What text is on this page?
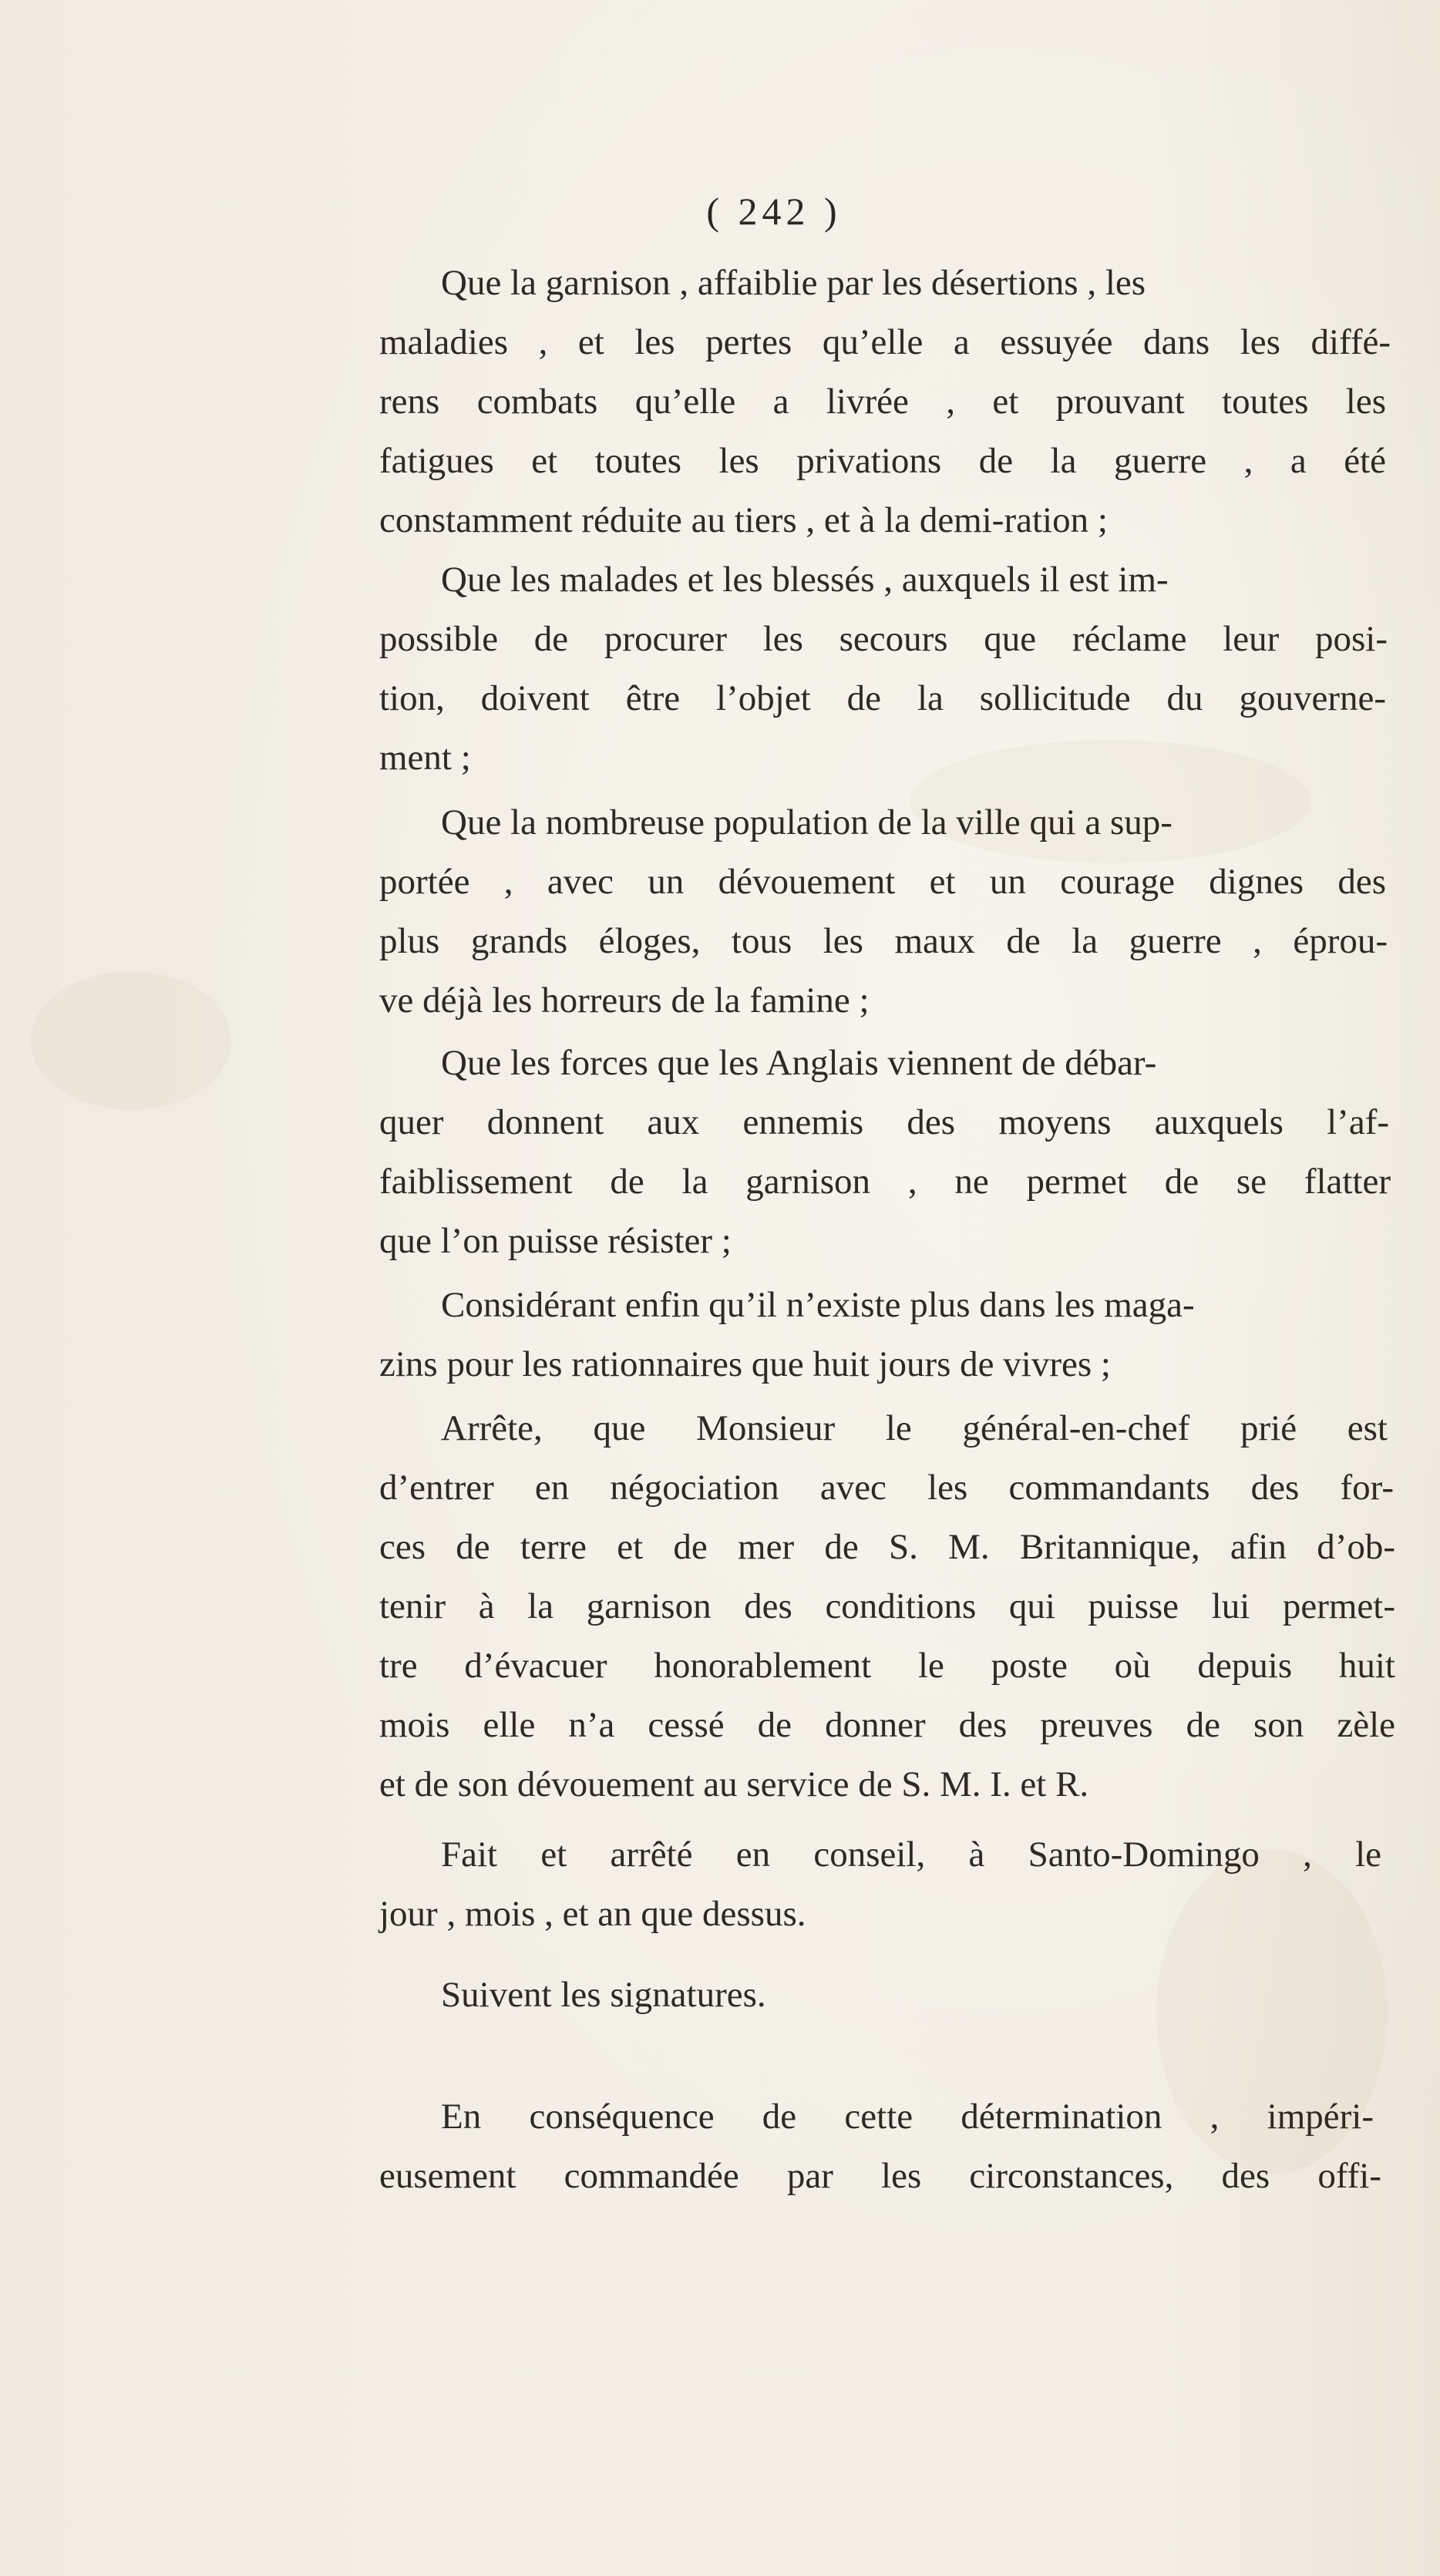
( 242 )
Que la garnison , affaiblie par les désertions , les
maladies , et les pertes qu’elle a essuyée dans les diffé-
rens combats qu’elle a livrée , et prouvant toutes les
fatigues et toutes les privations de la guerre , a été
constamment réduite au tiers , et à la demi-ration ;
Que les malades et les blessés , auxquels il est im-
possible de procurer les secours que réclame leur posi-
tion, doivent être l’objet de la sollicitude du gouverne-
ment ;
Que la nombreuse population de la ville qui a sup-
portée , avec un dévouement et un courage dignes des
plus grands éloges, tous les maux de la guerre , éprou-
ve déjà les horreurs de la famine ;
Que les forces que les Anglais viennent de débar-
quer donnent aux ennemis des moyens auxquels l’af-
faiblissement de la garnison , ne permet de se flatter
que l’on puisse résister ;
Considérant enfin qu’il n’existe plus dans les maga-
zins pour les rationnaires que huit jours de vivres ;
Arrête, que Monsieur le général-en-chef prié est
d’entrer en négociation avec les commandants des for-
ces de terre et de mer de S. M. Britannique, afin d’ob-
tenir à la garnison des conditions qui puisse lui permet-
tre d’évacuer honorablement le poste où depuis huit
mois elle n’a cessé de donner des preuves de son zèle
et de son dévouement au service de S. M. I. et R.
Fait et arrêté en conseil, à Santo-Domingo , le
jour , mois , et an que dessus.
Suivent les signatures.
En conséquence de cette détermination , impéri-
eusement commandée par les circonstances, des offi-
